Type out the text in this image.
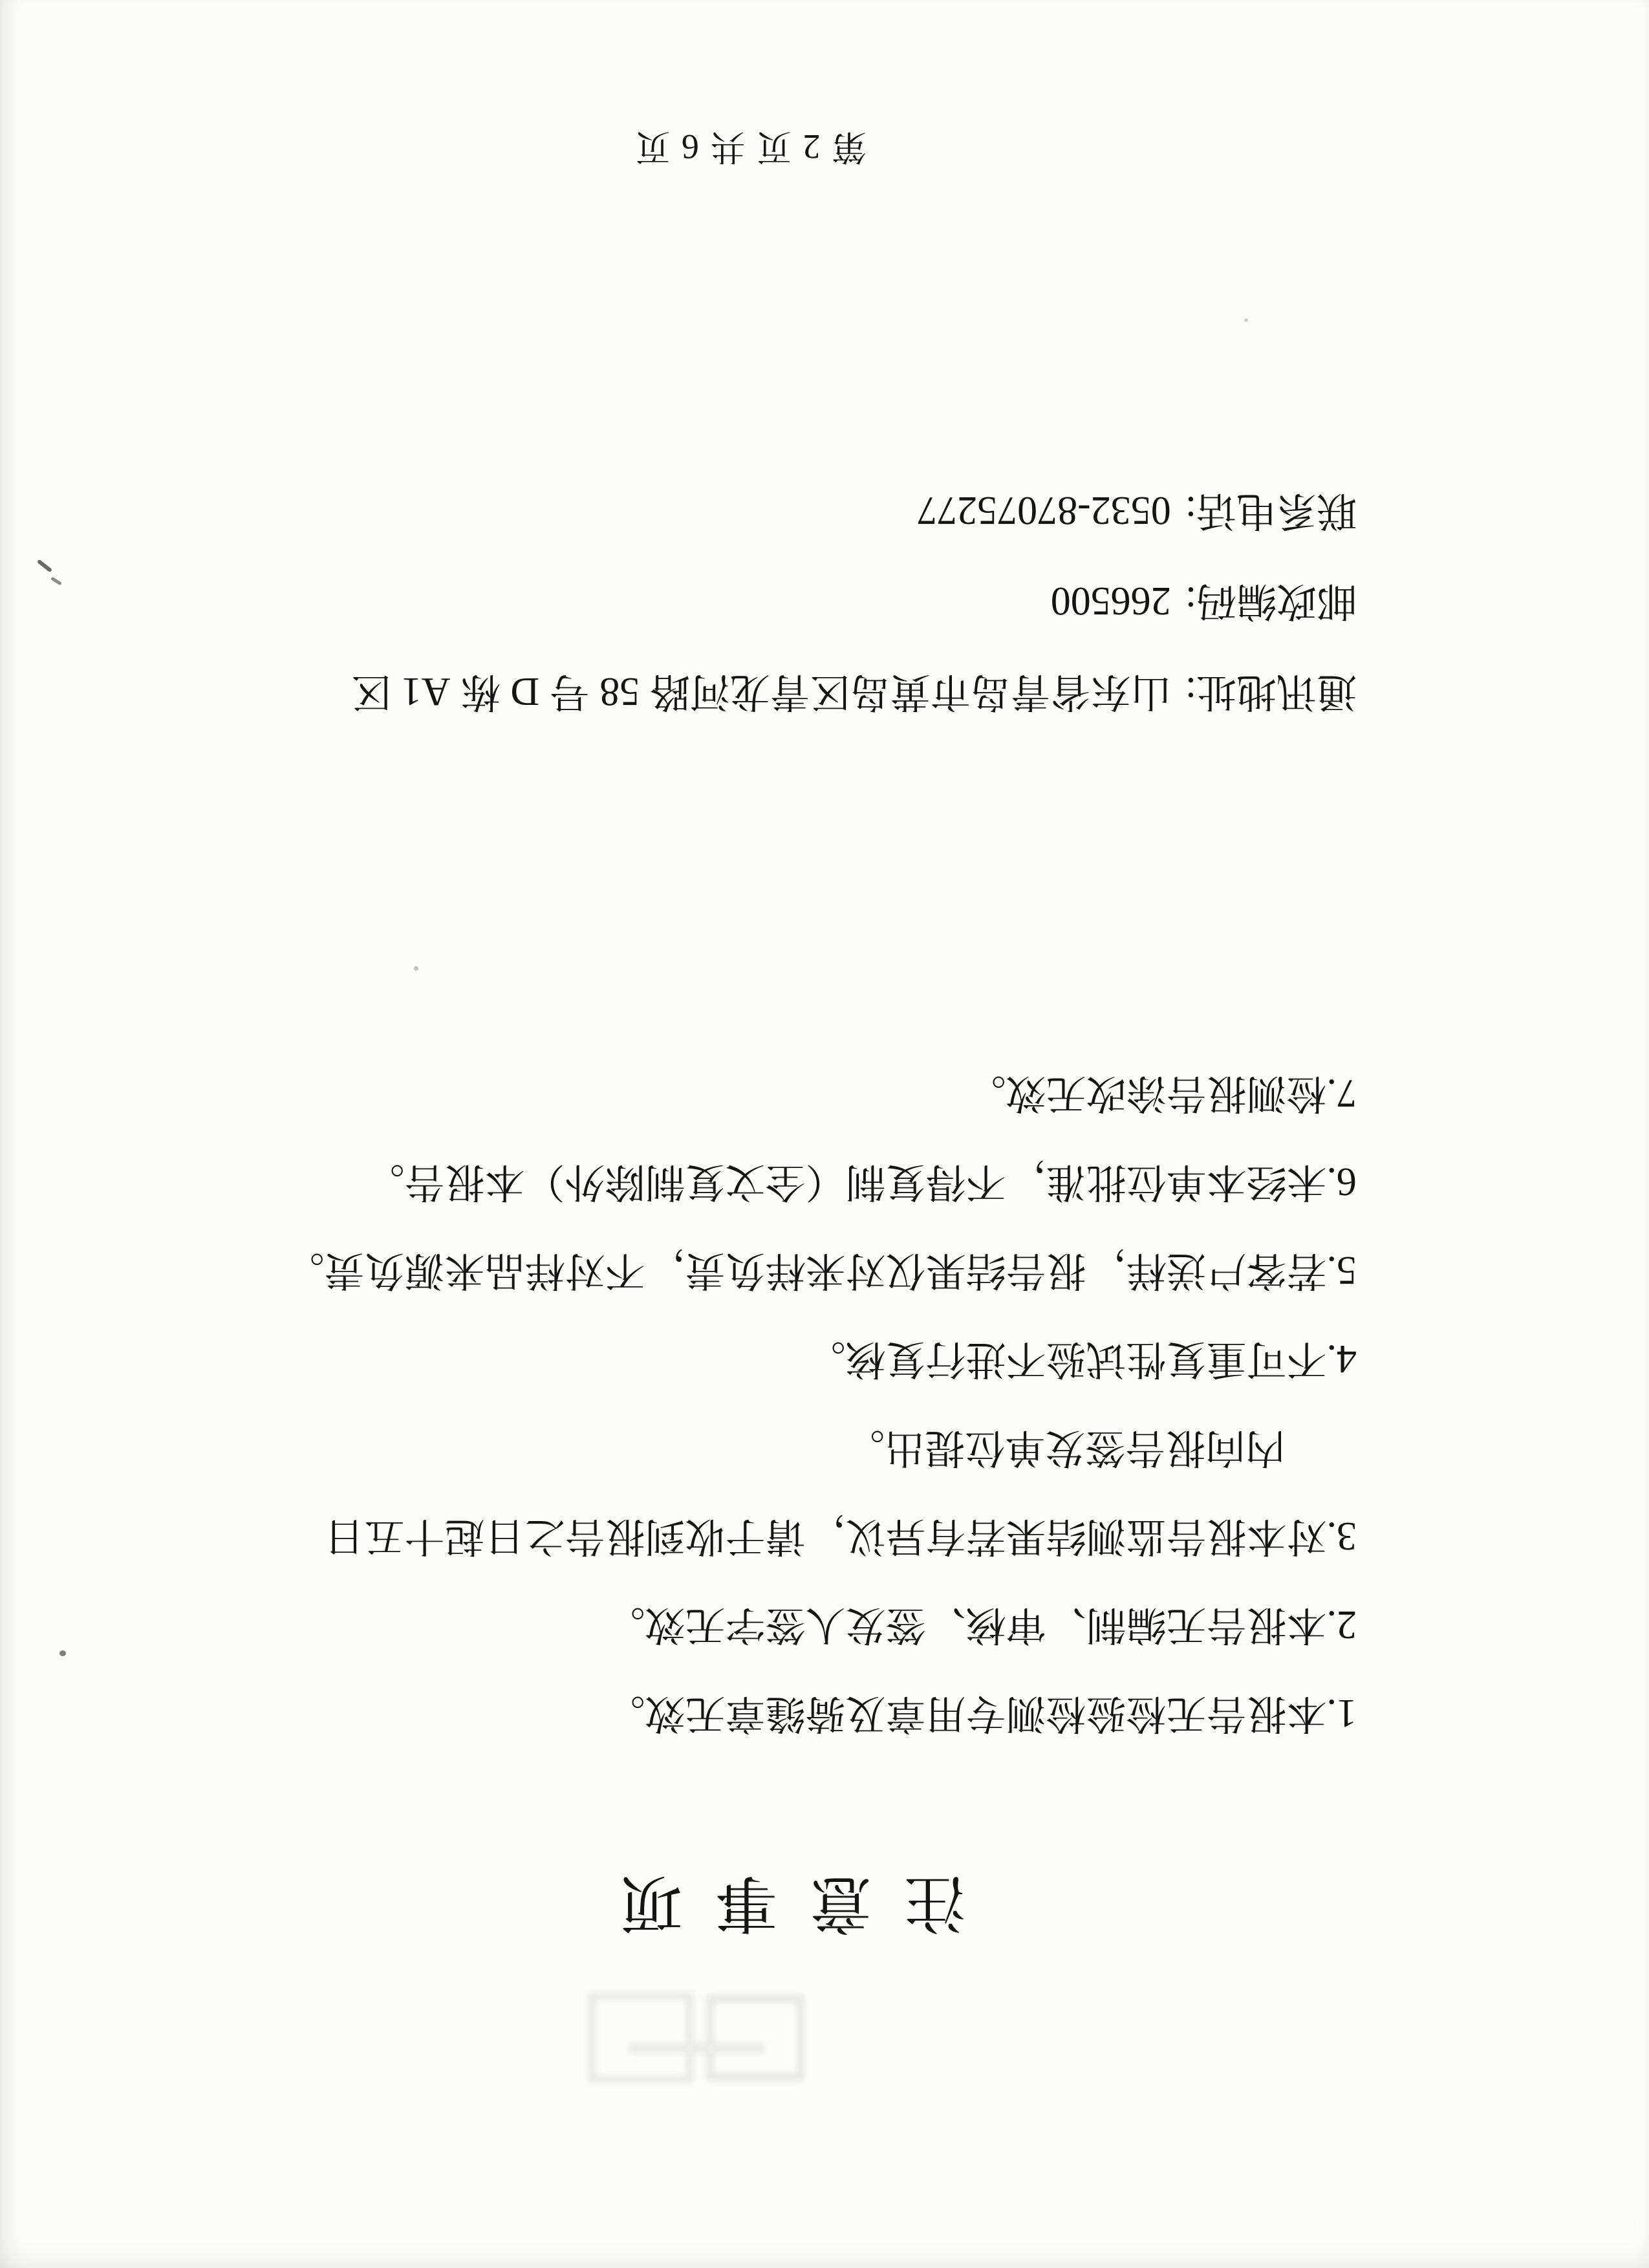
注意事项

1.本报告无检验检测专用章及骑缝章无效。

2.本报告无编制、审核、签发人签字无效。

3.对本报告监测结果若有异议，请于收到报告之日起十五日

内向报告签发单位提出。

4.不可重复性试验不进行复核。

5.若客户送样，报告结果仅对来样负责，不对样品来源负责。

6.未经本单位批准，不得复制（全文复制除外）本报告。

7.检测报告涂改无效。

通讯地址:山东省青岛市黄岛区青龙河路 58 号 D 栋 A1 区

邮政编码:266500

联系电话:0532-87075277

第 2 页 共 6 页
